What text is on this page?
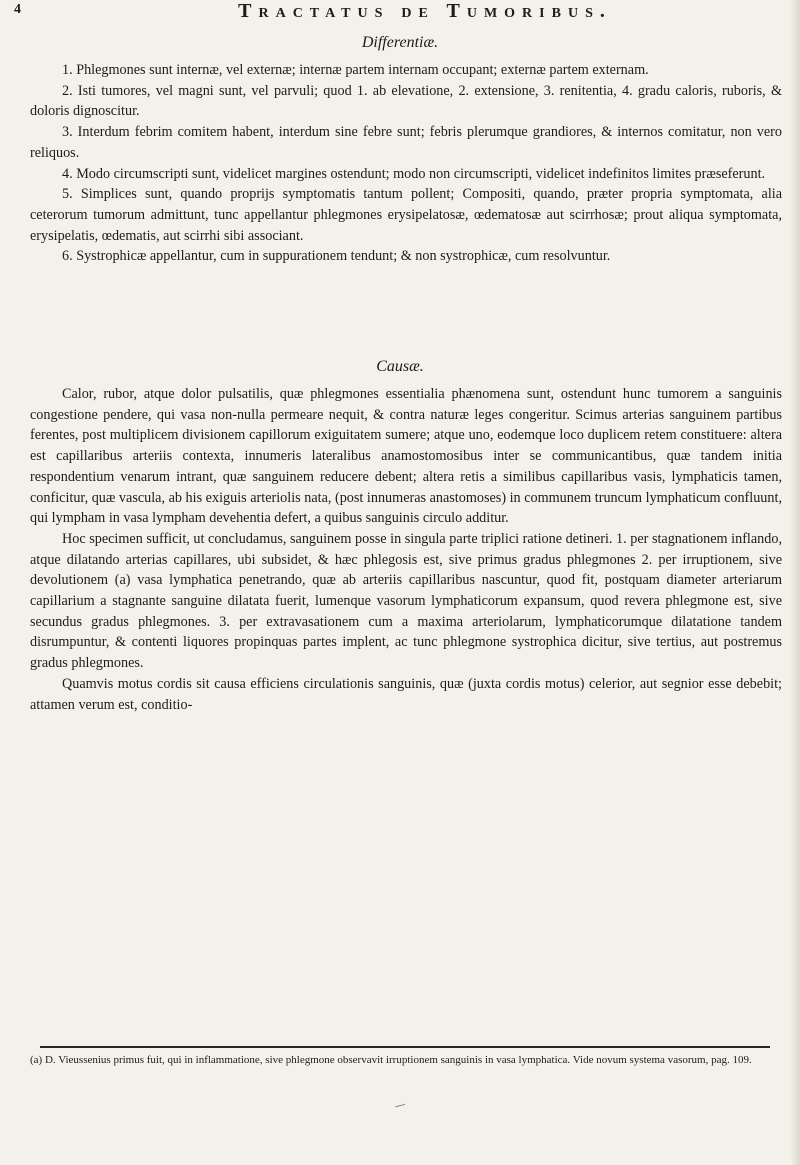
4	Tractatus de Tumoribus.
Differentiæ.

1. Phlegmones sunt internæ, vel externæ; internæ partem internam occupant; externæ partem externam.

2. Isti tumores, vel magni sunt, vel parvuli; quod 1. ab elevatione, 2. extensione, 3. renitentia, 4. gradu caloris, ruboris, & doloris dignoscitur.

3. Interdum febrim comitem habent, interdum sine febre sunt; febris plerumque grandiores, & internos comitatur, non vero reliquos.

4. Modo circumscripti sunt, videlicet margines ostendunt; modo non circumscripti, videlicet indefinitos limites præseferunt.

5. Simplices sunt, quando proprijs symptomatis tantum pollent; Compositi, quando, præter propria symptomata, alia ceterorum tumorum admittunt, tunc appellantur phlegmones erysipelatosæ, œdematosæ aut scirrhosæ; prout aliqua symptomata, erysipelatis, œdematis, aut scirrhi sibi associant.

6. Systrophicæ appellantur, cum in suppurationem tendunt; & non systrophicæ, cum resolvuntur.

Causæ.

Calor, rubor, atque dolor pulsatilis, quæ phlegmones essentialia phænomena sunt, ostendunt hunc tumorem a sanguinis congestione pendere, qui vasa non-nulla permeare nequit, & contra naturæ leges congeritur. Scimus arterias sanguinem partibus ferentes, post multiplicem divisionem capillorum exiguitatem sumere; atque uno, eodemque loco duplicem retem constituere: altera est capillaribus arteriis contexta, innumeris lateralibus anamostomosibus inter se communicantibus, quæ tandem initia respondentium venarum intrant, quæ sanguinem reducere debent; altera retis a similibus capillaribus vasis, lymphaticis tamen, conficitur, quæ vascula, ab his exiguis arteriolis nata, (post innumeras anastomoses) in communem truncum lymphaticum confluunt, qui lympham in vasa lympham devehentia defert, a quibus sanguinis circulo additur.

Hoc specimen sufficit, ut concludamus, sanguinem posse in singula parte triplici ratione detineri. 1. per stagnationem inflando, atque dilatando arterias capillares, ubi subsidet, & hæc phlegosis est, sive primus gradus phlegmones 2. per irruptionem, sive devolutionem (a) vasa lymphatica penetrando, quæ ab arteriis capillaribus nascuntur, quod fit, postquam diameter arteriarum capillarium a stagnante sanguine dilatata fuerit, lumenque vasorum lymphaticorum expansum, quod revera phlegmone est, sive secundus gradus phlegmones. 3. per extravasationem cum a maxima arteriolarum, lymphaticorumque dilatatione tandem disrumpuntur, & contenti liquores propinquas partes implent, ac tunc phlegmone systrophica dicitur, sive tertius, aut postremus gradus phlegmones.

Quamvis motus cordis sit causa efficiens circulationis sanguinis, quæ (juxta cordis motus) celerior, aut segnior esse debebit; attamen verum est, conditio-

(a) D. Vieussenius primus fuit, qui in inflammatione, sive phlegmone observavit irruptionem sanguinis in vasa lymphatica. Vide novum systema vasorum, pag. 109.
